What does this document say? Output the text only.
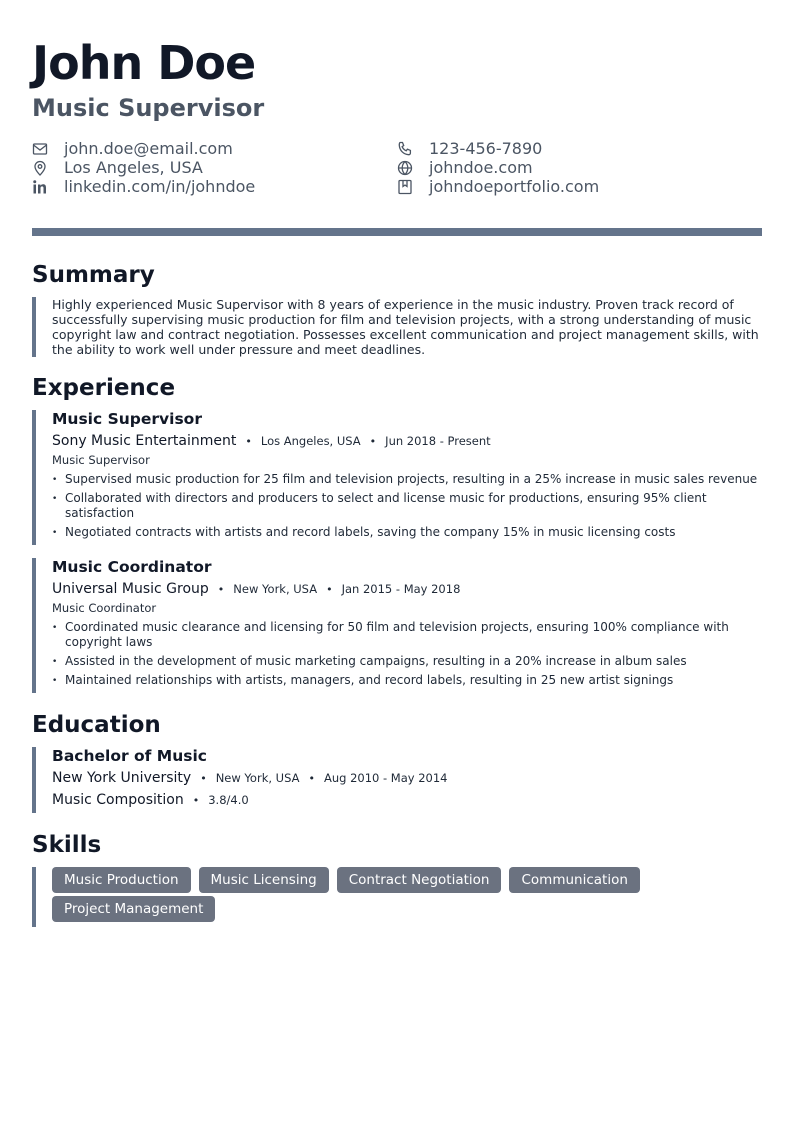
John Doe
Music Supervisor
john.doe@email.com	123-456-7890
Los Angeles, USA	johndoe.com
linkedin.com/in/johndoe	johndoeportfolio.com
Summary

Highly experienced Music Supervisor with 8 years of experience in the music industry. Proven track record of successfully supervising music production for film and television projects, with a strong understanding of music copyright law and contract negotiation. Possesses excellent communication and project management skills, with the ability to work well under pressure and meet deadlines.

Experience
Music Supervisor
Sony Music Entertainment • Los Angeles, USA • Jun 2018 - Present
Music Supervisor
• Supervised music production for 25 film and television projects, resulting in a 25% increase in music sales revenue
• Collaborated with directors and producers to select and license music for productions, ensuring 95% client satisfaction
• Negotiated contracts with artists and record labels, saving the company 15% in music licensing costs
Music Coordinator
Universal Music Group • New York, USA • Jan 2015 - May 2018
Music Coordinator
• Coordinated music clearance and licensing for 50 film and television projects, ensuring 100% compliance with copyright laws
• Assisted in the development of music marketing campaigns, resulting in a 20% increase in album sales
• Maintained relationships with artists, managers, and record labels, resulting in 25 new artist signings
Education
Bachelor of Music
New York University • New York, USA • Aug 2010 - May 2014
Music Composition • 3.8/4.0
Skills
Music Production	Music Licensing	Contract Negotiation	Communication
Project Management
